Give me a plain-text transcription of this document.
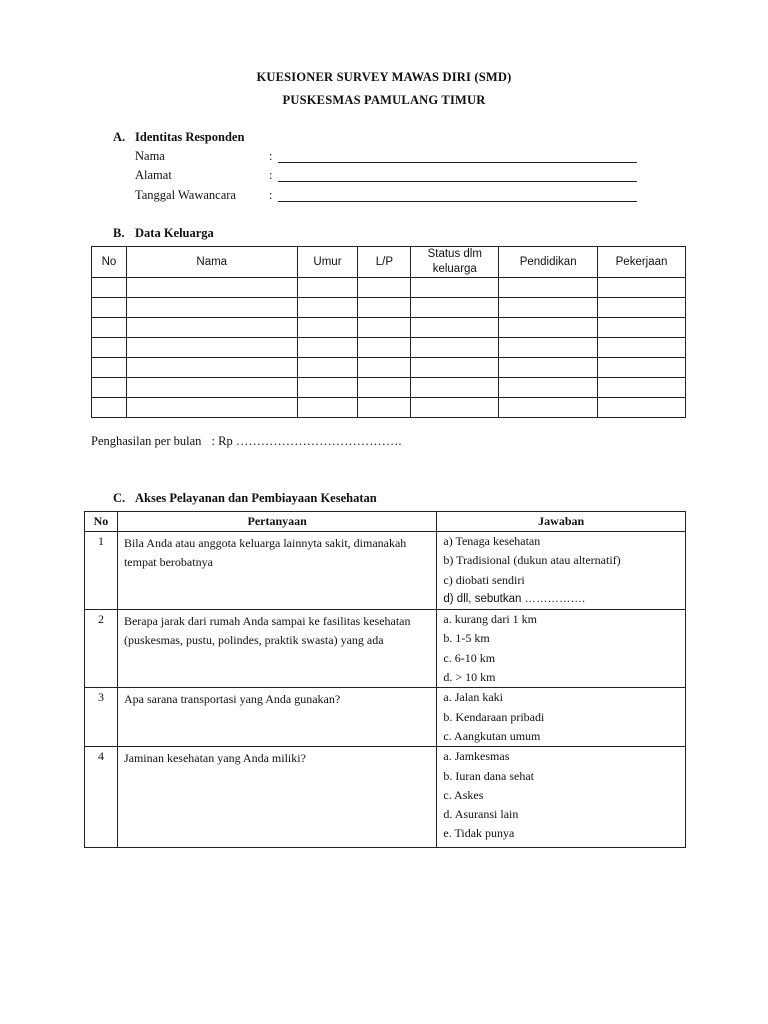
KUESIONER SURVEY MAWAS DIRI (SMD)
PUSKESMAS PAMULANG TIMUR
A. Identitas Responden
Nama	:
Alamat	:
Tanggal Wawancara	:
B. Data Keluarga
No	Nama	Umur	L/P	Status dlm keluarga	Pendidikan	Pekerjaan

Penghasilan per bulan : Rp ………………………………….
C. Akses Pelayanan dan Pembiayaan Kesehatan
No	Pertanyaan	Jawaban
1	Bila Anda atau anggota keluarga lainnyta sakit, dimanakah tempat berobatnya	a) Tenaga kesehatan
b) Tradisional (dukun atau alternatif)
c) diobati sendiri
d) dll, sebutkan …………….

2	Berapa jarak dari rumah Anda sampai ke fasilitas kesehatan (puskesmas, pustu, polindes, praktik swasta) yang ada	a. kurang dari 1 km
b. 1-5 km
c. 6-10 km
d. > 10 km

3	Apa sarana transportasi yang Anda gunakan?	a. Jalan kaki
b. Kendaraan pribadi
c. Aangkutan umum

4	Jaminan kesehatan yang Anda miliki?	a. Jamkesmas
b. Iuran dana sehat
c. Askes
d. Asuransi lain
e. Tidak punya
